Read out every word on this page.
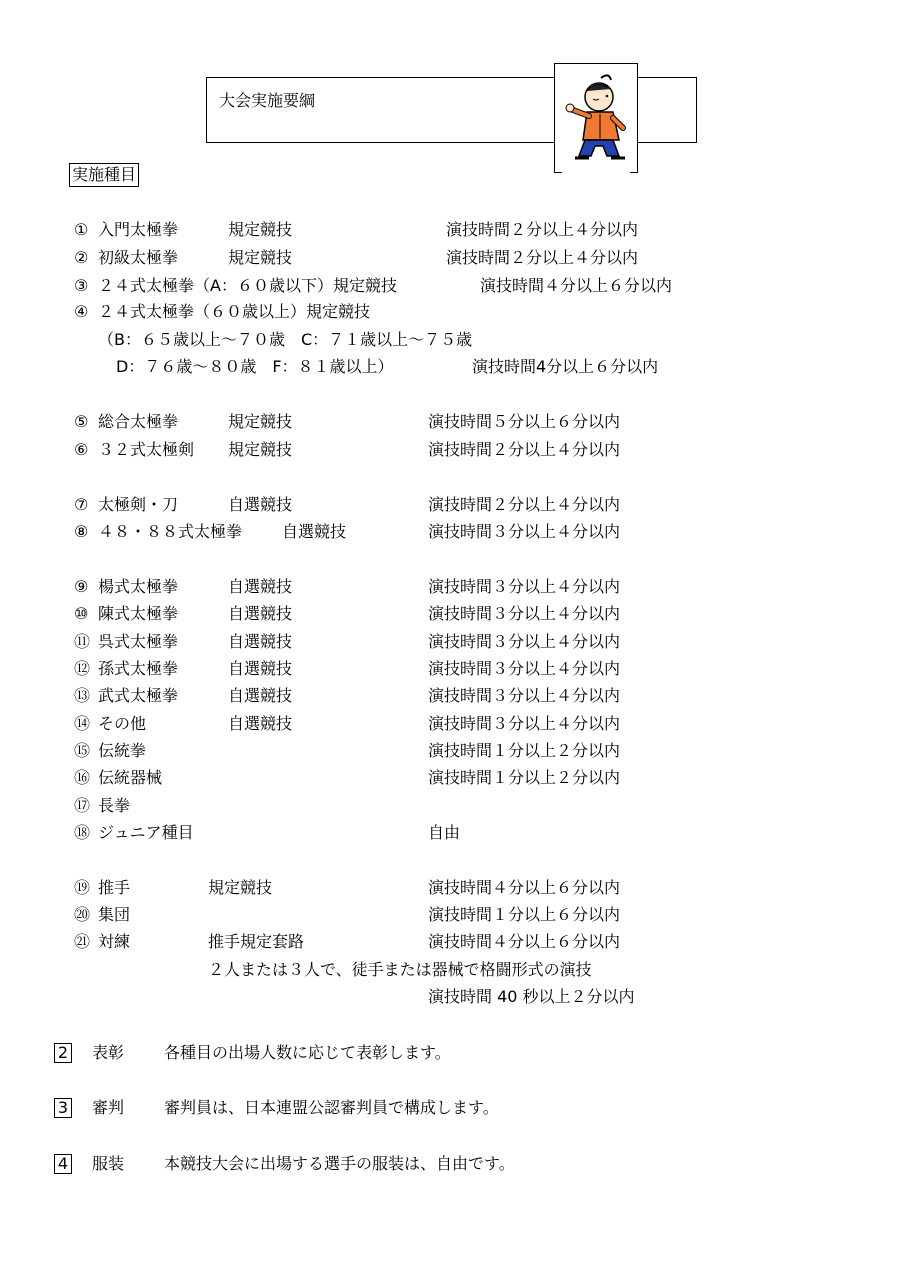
大会実施要綱
実施種目
① 入門太極拳	規定競技	演技時間２分以上４分以内
② 初級太極拳	規定競技	演技時間２分以上４分以内
③ ２４式太極拳（A：６０歳以下）規定競技	演技時間４分以上６分以内
④ ２４式太極拳（６０歳以上）規定競技
（B：６５歳以上〜７０歳　C：７１歳以上〜７５歳
D：７６歳〜８０歳　F：８１歳以上）	演技時間4分以上６分以内
⑤ 総合太極拳	規定競技	演技時間５分以上６分以内
⑥ ３２式太極剣 規定競技	演技時間２分以上４分以内
⑦ 太極剣・刀	自選競技	演技時間２分以上４分以内
⑧ ４８・８８式太極拳 自選競技	演技時間３分以上４分以内
⑨ 楊式太極拳	自選競技	演技時間３分以上４分以内
⑩ 陳式太極拳	自選競技	演技時間３分以上４分以内
⑪ 呉式太極拳	自選競技	演技時間３分以上４分以内
⑫ 孫式太極拳	自選競技	演技時間３分以上４分以内
⑬ 武式太極拳	自選競技	演技時間３分以上４分以内
⑭ その他	自選競技	演技時間３分以上４分以内
⑮ 伝統拳	演技時間１分以上２分以内
⑯ 伝統器械	演技時間１分以上２分以内
⑰ 長拳
⑱ ジュニア種目	自由
⑲ 推手	規定競技	演技時間４分以上６分以内
⑳ 集団	演技時間１分以上６分以内
㉑ 対練	推手規定套路	演技時間４分以上６分以内
２人または３人で、徒手または器械で格闘形式の演技
演技時間 40 秒以上２分以内
2 表彰 各種目の出場人数に応じて表彰します。
3 審判 審判員は、日本連盟公認審判員で構成します。
4 服装 本競技大会に出場する選手の服装は、自由です。
